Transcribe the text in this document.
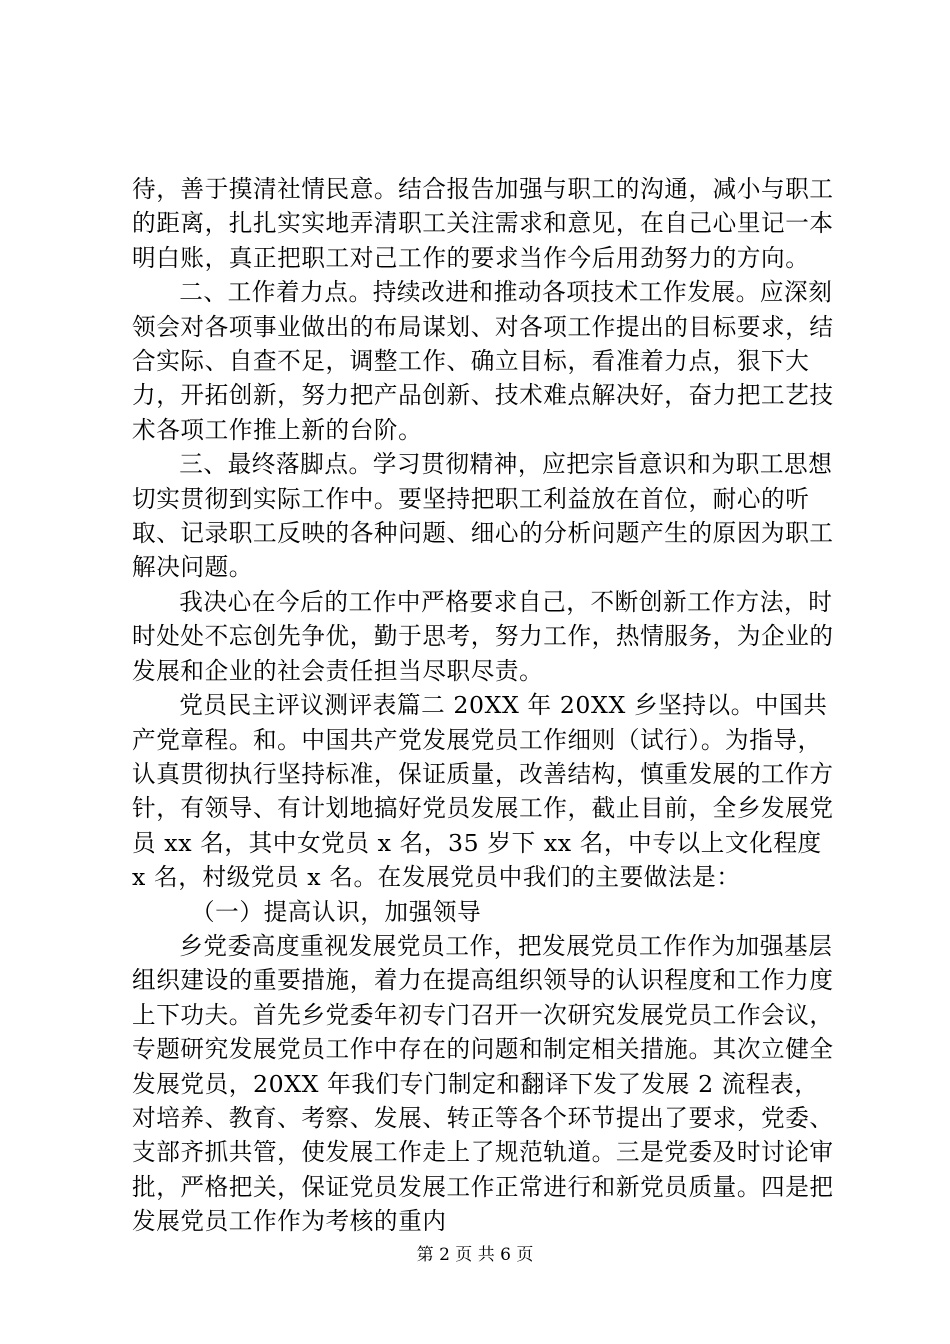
待，善于摸清社情民意。结合报告加强与职工的沟通，减小与职工的距离，扎扎实实地弄清职工关注需求和意见，在自己心里记一本明白账，真正把职工对己工作的要求当作今后用劲努力的方向。

二、工作着力点。持续改进和推动各项技术工作发展。应深刻领会对各项事业做出的布局谋划、对各项工作提出的目标要求，结合实际、自查不足，调整工作、确立目标，看准着力点，狠下大力，开拓创新，努力把产品创新、技术难点解决好，奋力把工艺技术各项工作推上新的台阶。

三、最终落脚点。学习贯彻精神，应把宗旨意识和为职工思想切实贯彻到实际工作中。要坚持把职工利益放在首位，耐心的听取、记录职工反映的各种问题、细心的分析问题产生的原因为职工解决问题。

我决心在今后的工作中严格要求自己，不断创新工作方法，时时处处不忘创先争优，勤于思考，努力工作，热情服务，为企业的发展和企业的社会责任担当尽职尽责。

党员民主评议测评表篇二 20XX 年 20XX 乡坚持以。中国共产党章程。和。中国共产党发展党员工作细则（试行）。为指导，认真贯彻执行坚持标准，保证质量，改善结构，慎重发展的工作方针，有领导、有计划地搞好党员发展工作，截止目前，全乡发展党员 xx 名，其中女党员 x 名，35 岁下 xx 名，中专以上文化程度 x 名，村级党员 x 名。在发展党员中我们的主要做法是：

（一）提高认识，加强领导

乡党委高度重视发展党员工作，把发展党员工作作为加强基层组织建设的重要措施，着力在提高组织领导的认识程度和工作力度上下功夫。首先乡党委年初专门召开一次研究发展党员工作会议，专题研究发展党员工作中存在的问题和制定相关措施。其次立健全发展党员，20XX 年我们专门制定和翻译下发了发展 2 流程表，对培养、教育、考察、发展、转正等各个环节提出了要求，党委、支部齐抓共管，使发展工作走上了规范轨道。三是党委及时讨论审批，严格把关，保证党员发展工作正常进行和新党员质量。四是把发展党员工作作为考核的重内

第 2 页 共 6 页
